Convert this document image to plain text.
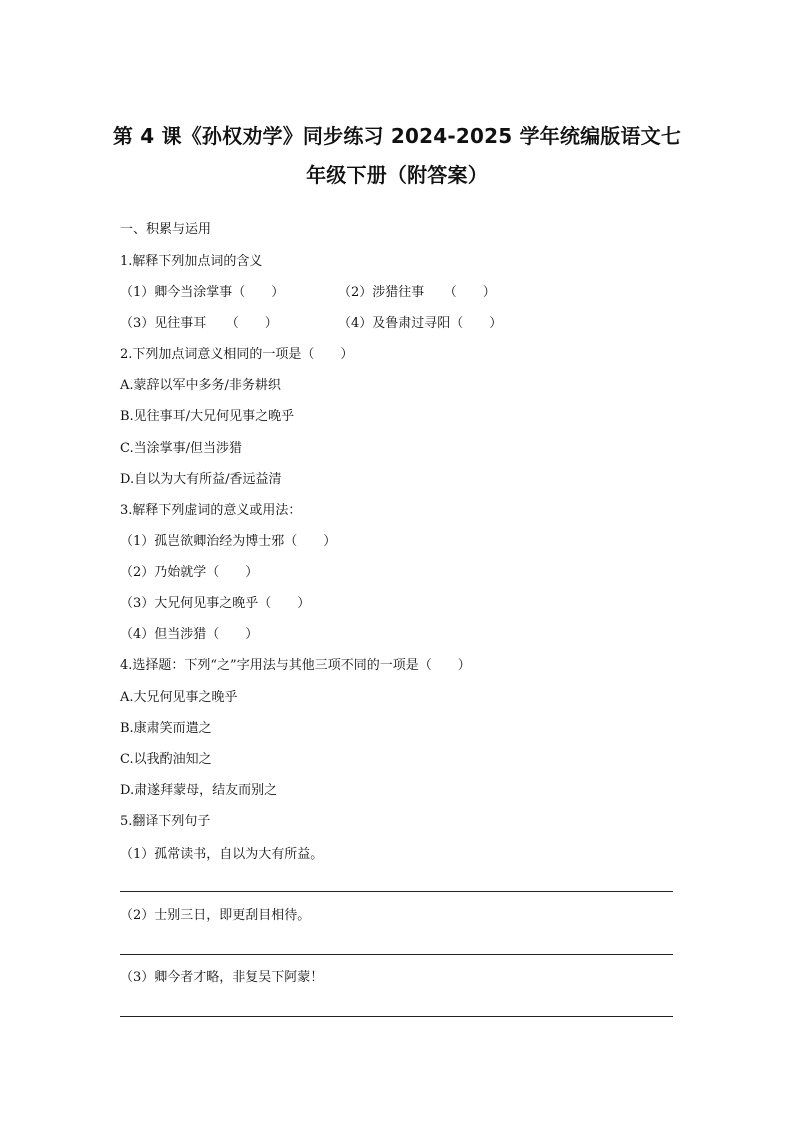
第 4 课《孙权劝学》同步练习 2024-2025 学年统编版语文七
年级下册（附答案）
一、积累与运用
1.解释下列加点词的含义
（1）卿今当涂掌事（　　）	（2）涉猎往事　　（　　）
（3）见往事耳　　（　　）	（4）及鲁肃过寻阳（　　）
2.下列加点词意义相同的一项是（　　）
A.蒙辞以军中多务/非务耕织
B.见往事耳/大兄何见事之晚乎
C.当涂掌事/但当涉猎
D.自以为大有所益/香远益清
3.解释下列虚词的意义或用法：
（1）孤岂欲卿治经为博士邪（　　）
（2）乃始就学（　　）
（3）大兄何见事之晚乎（　　）
（4）但当涉猎（　　）
4.选择题：下列“之”字用法与其他三项不同的一项是（　　）
A.大兄何见事之晚乎
B.康肃笑而遣之
C.以我酌油知之
D.肃遂拜蒙母，结友而别之
5.翻译下列句子
（1）孤常读书，自以为大有所益。
（2）士别三日，即更刮目相待。
（3）卿今者才略，非复吴下阿蒙！
